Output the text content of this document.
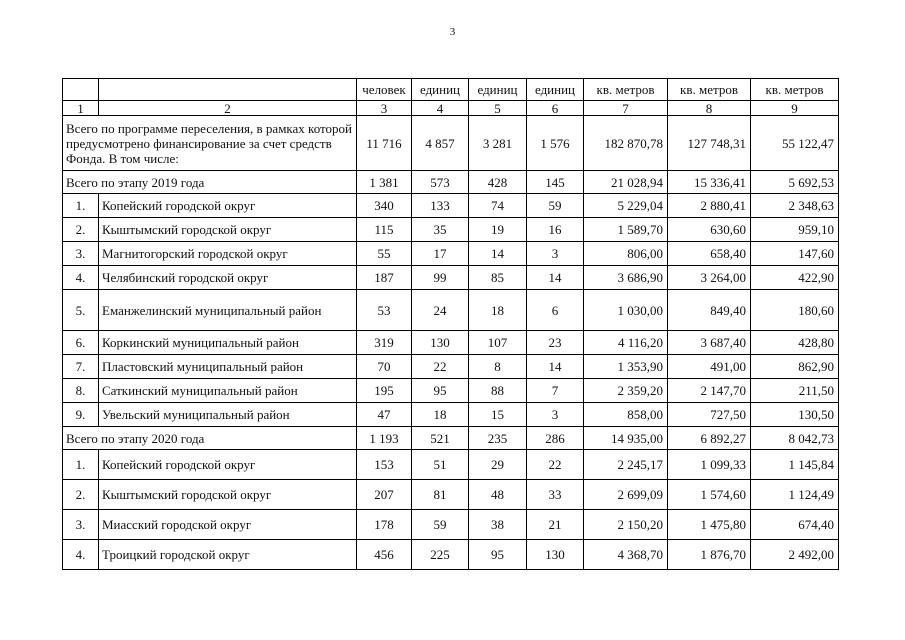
3
		человек	единиц	единиц	единиц	кв. метров	кв. метров	кв. метров
1	2	3	4	5	6	7	8	9
Всего по программе переселения, в рамках которой предусмотрено финансирование за счет средств Фонда. В том числе:		11 716	4 857	3 281	1 576	182 870,78	127 748,31	55 122,47
Всего по этапу 2019 года		1 381	573	428	145	21 028,94	15 336,41	5 692,53
1.	Копейский городской округ	340	133	74	59	5 229,04	2 880,41	2 348,63
2.	Кыштымский городской округ	115	35	19	16	1 589,70	630,60	959,10
3.	Магнитогорский городской округ	55	17	14	3	806,00	658,40	147,60
4.	Челябинский городской округ	187	99	85	14	3 686,90	3 264,00	422,90
5.	Еманжелинский муниципальный район	53	24	18	6	1 030,00	849,40	180,60
6.	Коркинский муниципальный район	319	130	107	23	4 116,20	3 687,40	428,80
7.	Пластовский муниципальный район	70	22	8	14	1 353,90	491,00	862,90
8.	Саткинский муниципальный район	195	95	88	7	2 359,20	2 147,70	211,50
9.	Увельский муниципальный район	47	18	15	3	858,00	727,50	130,50
Всего по этапу 2020 года		1 193	521	235	286	14 935,00	6 892,27	8 042,73
1.	Копейский городской округ	153	51	29	22	2 245,17	1 099,33	1 145,84
2.	Кыштымский городской округ	207	81	48	33	2 699,09	1 574,60	1 124,49
3.	Миасский городской округ	178	59	38	21	2 150,20	1 475,80	674,40
4.	Троицкий городской округ	456	225	95	130	4 368,70	1 876,70	2 492,00
